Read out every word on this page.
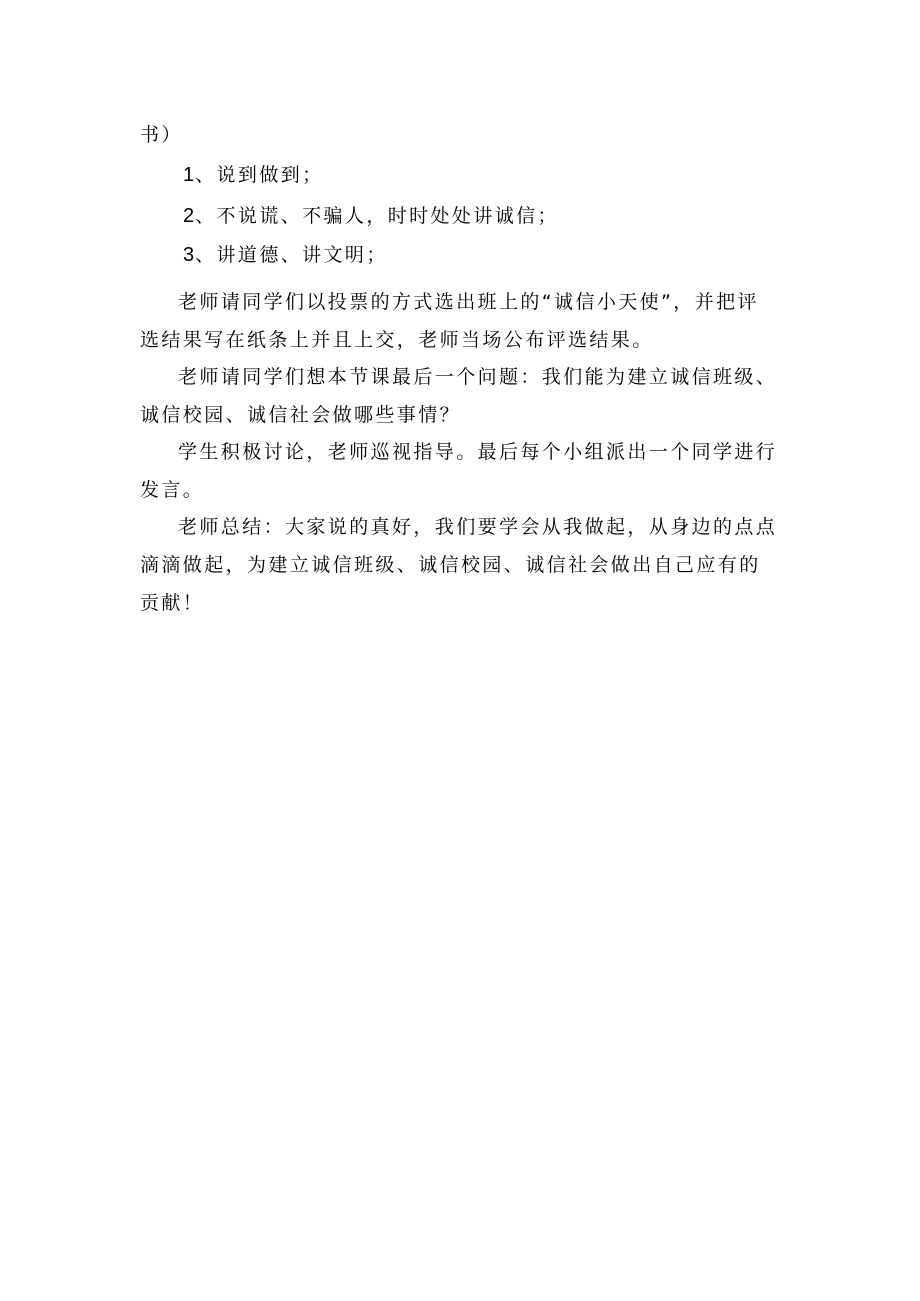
书）

1、说到做到；

2、不说谎、不骗人，时时处处讲诚信；

3、讲道德、讲文明；

老师请同学们以投票的方式选出班上的“诚信小天使”，并把评选结果写在纸条上并且上交，老师当场公布评选结果。

老师请同学们想本节课最后一个问题：我们能为建立诚信班级、诚信校园、诚信社会做哪些事情？

学生积极讨论，老师巡视指导。最后每个小组派出一个同学进行发言。

老师总结：大家说的真好，我们要学会从我做起，从身边的点点滴滴做起，为建立诚信班级、诚信校园、诚信社会做出自己应有的贡献！
